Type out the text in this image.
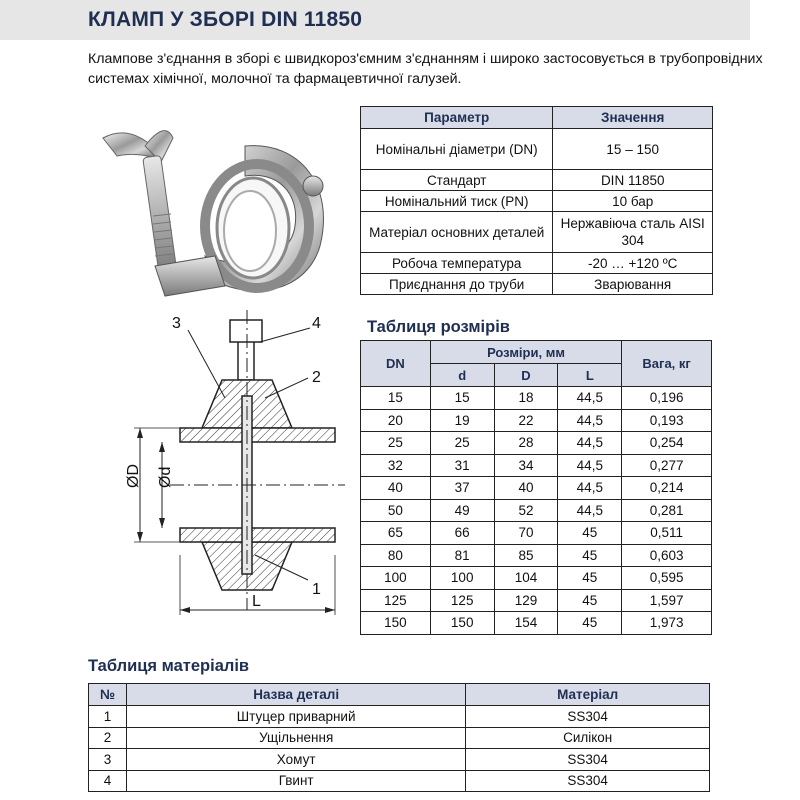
КЛАМП У ЗБОРІ DIN 11850
Клампове з'єднання в зборі є швидкороз'ємним з'єднанням і широко застосовується в трубопровідних системах хімічної, молочної та фармацевтичної галузей.
3	4
2
1
ØD Ød
L
Параметр	Значення
Номінальні діаметри (DN)	15 – 150
Стандарт	DIN 11850
Номінальний тиск (PN)	10 бар
Матеріал основних деталей	Нержавіюча сталь AISI 304
Робоча температура	-20 … +120 ºС
Приєднання до труби	Зварювання
Таблиця розмірів
DN	Розміри, мм			Вага, кг
	d	D	L	
15	15	18	44,5	0,196
20	19	22	44,5	0,193
25	25	28	44,5	0,254
32	31	34	44,5	0,277
40	37	40	44,5	0,214
50	49	52	44,5	0,281
65	66	70	45	0,511
80	81	85	45	0,603
100	100	104	45	0,595
125	125	129	45	1,597
150	150	154	45	1,973
Таблиця матеріалів
№	Назва деталі	Матеріал
1	Штуцер приварний	SS304
2	Ущільнення	Силікон
3	Хомут	SS304
4	Гвинт	SS304
